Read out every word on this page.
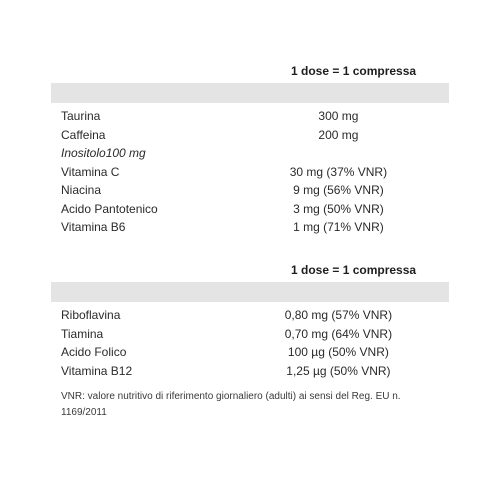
1 dose = 1 compressa
Taurina	300 mg
Caffeina	200 mg
Inositolo100 mg
Vitamina C	30 mg (37% VNR)
Niacina	9 mg (56% VNR)
Acido Pantotenico	3 mg (50% VNR)
Vitamina B6	1 mg (71% VNR)
1 dose = 1 compressa
Riboflavina	0,80 mg (57% VNR)
Tiamina	0,70 mg (64% VNR)
Acido Folico	100 µg (50% VNR)
Vitamina B12	1,25 µg (50% VNR)
VNR: valore nutritivo di riferimento giornaliero (adulti) ai sensi del Reg. EU n. 1169/2011
